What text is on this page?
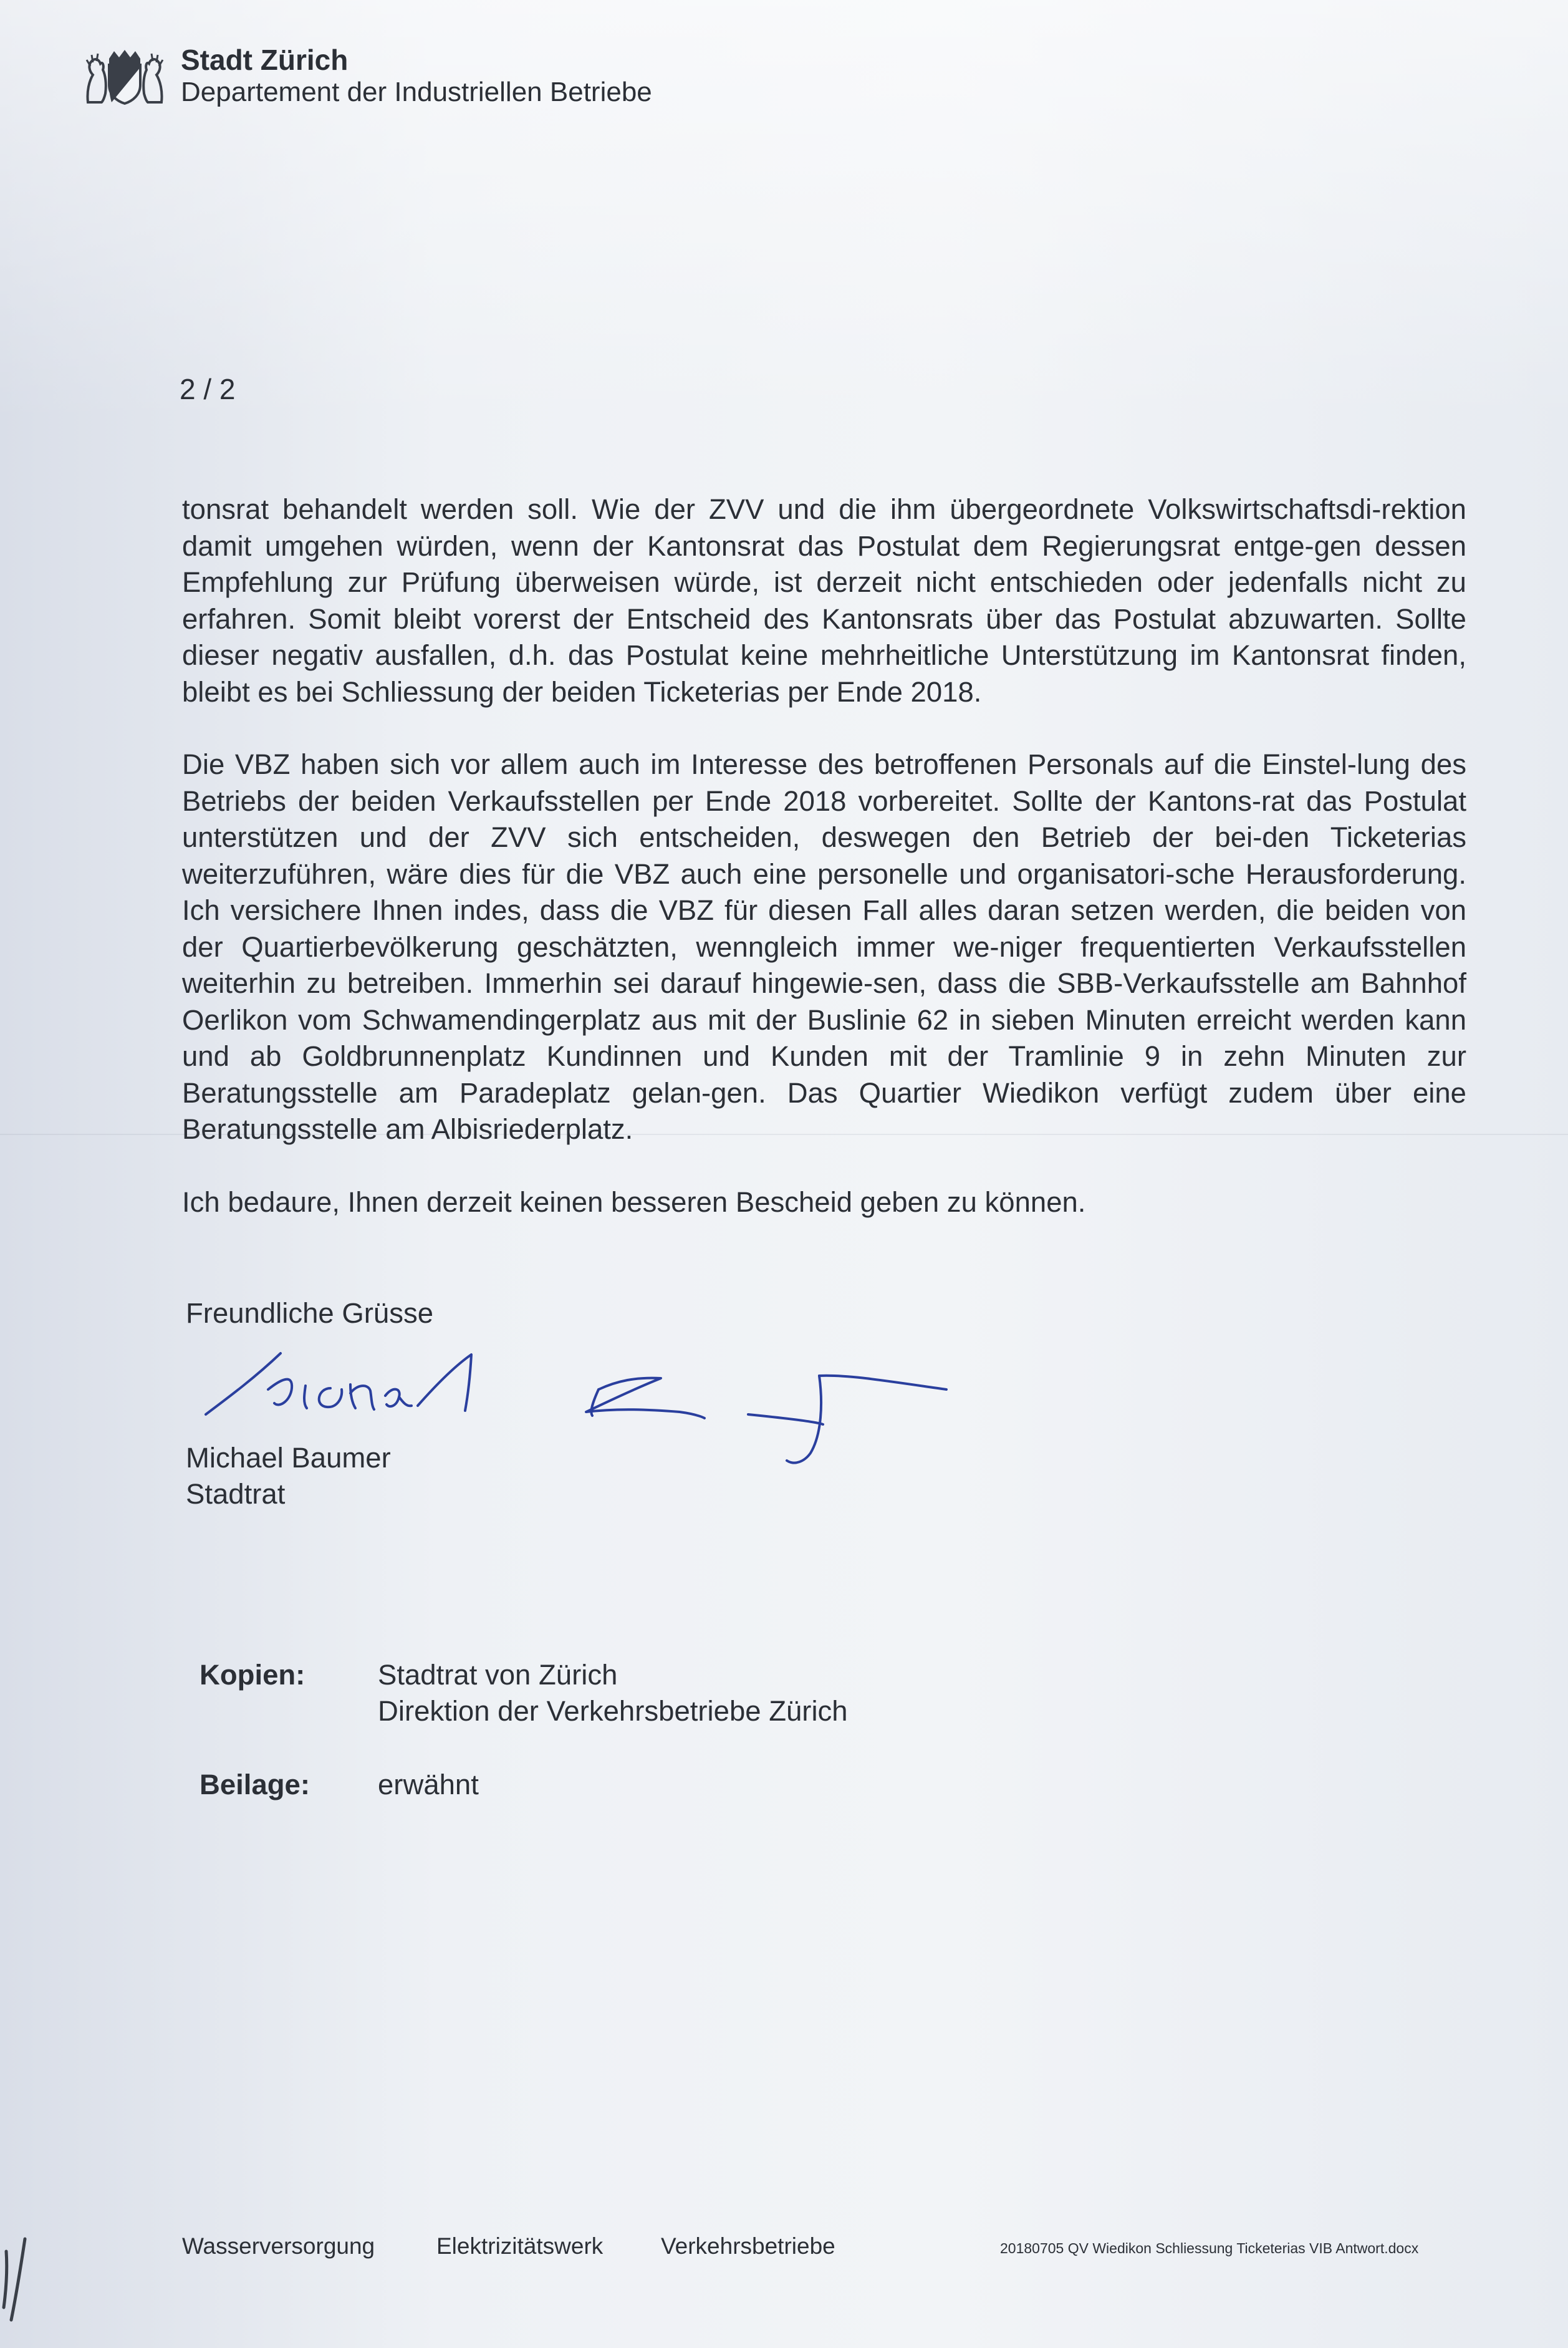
Stadt Zürich
Departement der Industriellen Betriebe
2 / 2

tonsrat behandelt werden soll. Wie der ZVV und die ihm übergeordnete Volkswirtschaftsdi-rektion damit umgehen würden, wenn der Kantonsrat das Postulat dem Regierungsrat entge-gen dessen Empfehlung zur Prüfung überweisen würde, ist derzeit nicht entschieden oder jedenfalls nicht zu erfahren. Somit bleibt vorerst der Entscheid des Kantonsrats über das Postulat abzuwarten. Sollte dieser negativ ausfallen, d.h. das Postulat keine mehrheitliche Unterstützung im Kantonsrat finden, bleibt es bei Schliessung der beiden Ticketerias per Ende 2018.

Die VBZ haben sich vor allem auch im Interesse des betroffenen Personals auf die Einstel-lung des Betriebs der beiden Verkaufsstellen per Ende 2018 vorbereitet. Sollte der Kantons-rat das Postulat unterstützen und der ZVV sich entscheiden, deswegen den Betrieb der bei-den Ticketerias weiterzuführen, wäre dies für die VBZ auch eine personelle und organisatori-sche Herausforderung. Ich versichere Ihnen indes, dass die VBZ für diesen Fall alles daran setzen werden, die beiden von der Quartierbevölkerung geschätzten, wenngleich immer we-niger frequentierten Verkaufsstellen weiterhin zu betreiben. Immerhin sei darauf hingewie-sen, dass die SBB-Verkaufsstelle am Bahnhof Oerlikon vom Schwamendingerplatz aus mit der Buslinie 62 in sieben Minuten erreicht werden kann und ab Goldbrunnenplatz Kundinnen und Kunden mit der Tramlinie 9 in zehn Minuten zur Beratungsstelle am Paradeplatz gelan-gen. Das Quartier Wiedikon verfügt zudem über eine Beratungsstelle am Albisriederplatz.

Ich bedaure, Ihnen derzeit keinen besseren Bescheid geben zu können.

Freundliche Grüsse
Michael Baumer
Stadtrat
Kopien:	Stadtrat von Zürich
Direktion der Verkehrsbetriebe Zürich
Beilage: erwähnt
Wasserversorgung	Elektrizitätswerk	Verkehrsbetriebe	20180705 QV Wiedikon Schliessung Ticketerias VIB Antwort.docx
